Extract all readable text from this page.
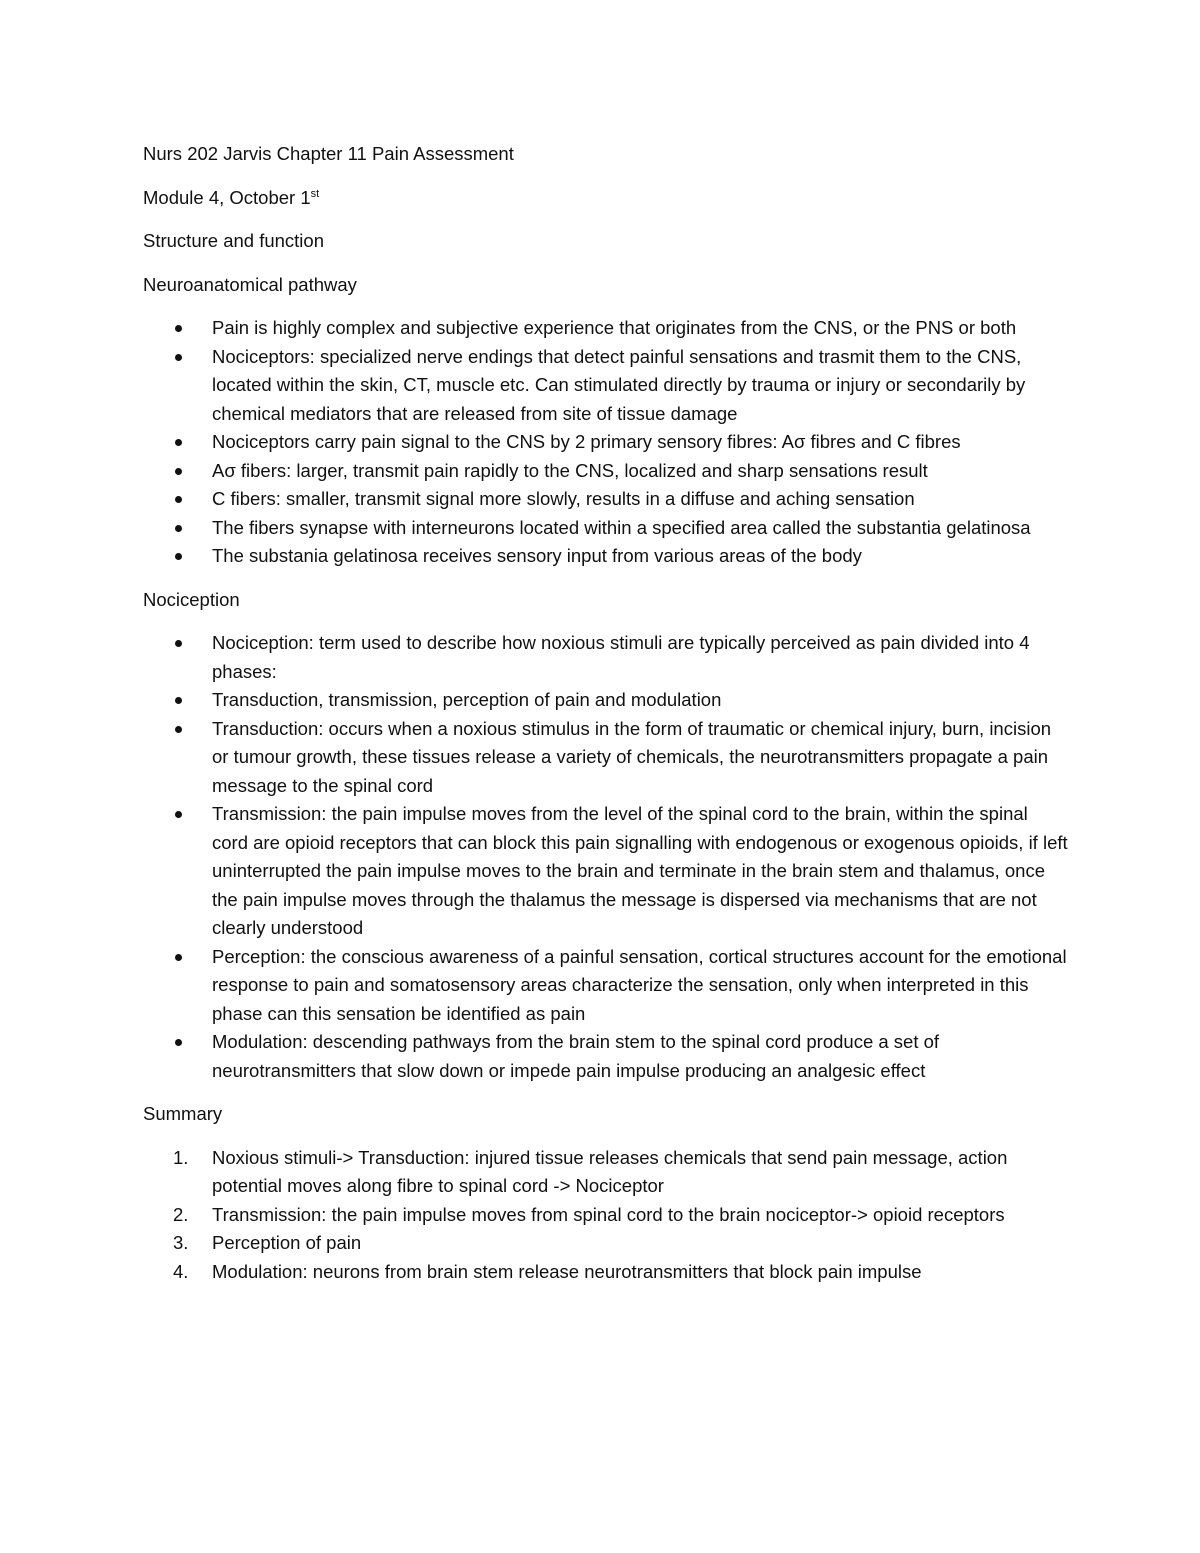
Nurs 202 Jarvis Chapter 11 Pain Assessment

Module 4, October 1st

Structure and function

Neuroanatomical pathway

Pain is highly complex and subjective experience that originates from the CNS, or the PNS or both
Nociceptors: specialized nerve endings that detect painful sensations and trasmit them to the CNS, located within the skin, CT, muscle etc. Can stimulated directly by trauma or injury or secondarily by chemical mediators that are released from site of tissue damage
Nociceptors carry pain signal to the CNS by 2 primary sensory fibres: Aσ fibres and C fibres
Aσ fibers: larger, transmit pain rapidly to the CNS, localized and sharp sensations result
C fibers: smaller, transmit signal more slowly, results in a diffuse and aching sensation
The fibers synapse with interneurons located within a specified area called the substantia gelatinosa
The substania gelatinosa receives sensory input from various areas of the body

Nociception

Nociception: term used to describe how noxious stimuli are typically perceived as pain divided into 4 phases:
Transduction, transmission, perception of pain and modulation
Transduction: occurs when a noxious stimulus in the form of traumatic or chemical injury, burn, incision or tumour growth, these tissues release a variety of chemicals, the neurotransmitters propagate a pain message to the spinal cord
Transmission: the pain impulse moves from the level of the spinal cord to the brain, within the spinal cord are opioid receptors that can block this pain signalling with endogenous or exogenous opioids, if left uninterrupted the pain impulse moves to the brain and terminate in the brain stem and thalamus, once the pain impulse moves through the thalamus the message is dispersed via mechanisms that are not clearly understood
Perception: the conscious awareness of a painful sensation, cortical structures account for the emotional response to pain and somatosensory areas characterize the sensation, only when interpreted in this phase can this sensation be identified as pain
Modulation: descending pathways from the brain stem to the spinal cord produce a set of neurotransmitters that slow down or impede pain impulse producing an analgesic effect

Summary

1. Noxious stimuli-> Transduction: injured tissue releases chemicals that send pain message, action potential moves along fibre to spinal cord -> Nociceptor
2. Transmission: the pain impulse moves from spinal cord to the brain nociceptor-> opioid receptors
3. Perception of pain
4. Modulation: neurons from brain stem release neurotransmitters that block pain impulse
